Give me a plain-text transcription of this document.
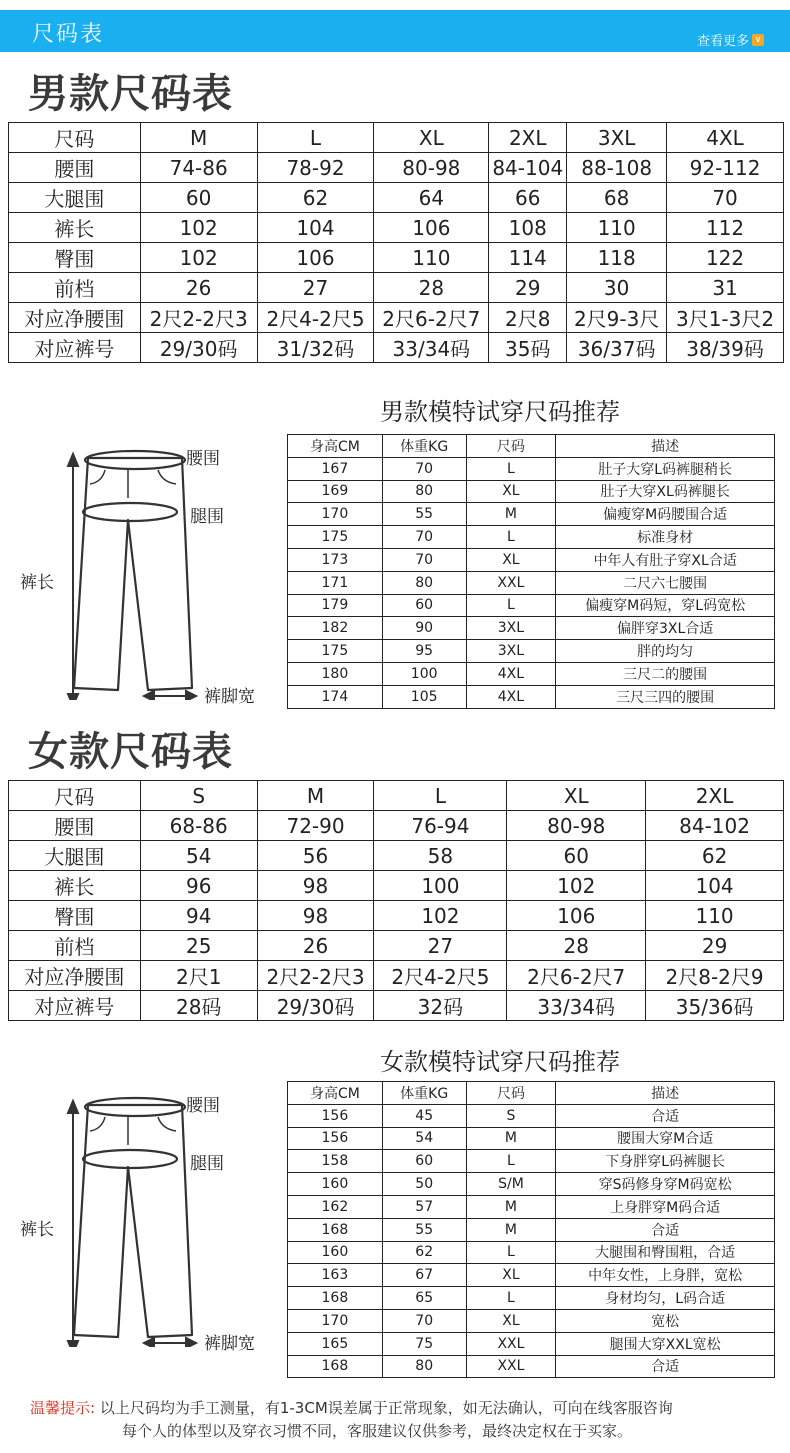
尺码表	查看更多 ∨
男款尺码表
尺码	M	L	XL	2XL	3XL	4XL
腰围	74-86	78-92	80-98	84-104	88-108	92-112
大腿围	60	62	64	66	68	70
裤长	102	104	106	108	110	112
臀围	102	106	110	114	118	122
前档	26	27	28	29	30	31
对应净腰围	2尺2-2尺3	2尺4-2尺5	2尺6-2尺7	2尺8	2尺9-3尺	3尺1-3尺2
对应裤号	29/30码	31/32码	33/34码	35码	36/37码	38/39码
男款模特试穿尺码推荐
身高CM	体重KG	尺码	描述
167	70	L	肚子大穿L码裤腿稍长
169	80	XL	肚子大穿XL码裤腿长
170	55	M	偏瘦穿M码腰围合适
175	70	L	标准身材
173	70	XL	中年人有肚子穿XL合适
171	80	XXL	二尺六七腰围
179	60	L	偏瘦穿M码短，穿L码宽松
182	90	3XL	偏胖穿3XL合适
175	95	3XL	胖的均匀
180	100	4XL	三尺二的腰围
174	105	4XL	三尺三四的腰围
腰围
腿围
裤长
裤脚宽
女款尺码表
尺码	S	M	L	XL	2XL
腰围	68-86	72-90	76-94	80-98	84-102
大腿围	54	56	58	60	62
裤长	96	98	100	102	104
臀围	94	98	102	106	110
前档	25	26	27	28	29
对应净腰围	2尺1	2尺2-2尺3	2尺4-2尺5	2尺6-2尺7	2尺8-2尺9
对应裤号	28码	29/30码	32码	33/34码	35/36码
女款模特试穿尺码推荐
身高CM	体重KG	尺码	描述
156	45	S	合适
156	54	M	腰围大穿M合适
158	60	L	下身胖穿L码裤腿长
160	50	S/M	穿S码修身穿M码宽松
162	57	M	上身胖穿M码合适
168	55	M	合适
160	62	L	大腿围和臀围粗，合适
163	67	XL	中年女性，上身胖，宽松
168	65	L	身材均匀，L码合适
170	70	XL	宽松
165	75	XXL	腿围大穿XXL宽松
168	80	XXL	合适
腰围
腿围
裤长
裤脚宽
温馨提示: 以上尺码均为手工测量，有1-3CM误差属于正常现象，如无法确认，可向在线客服咨询
每个人的体型以及穿衣习惯不同，客服建议仅供参考，最终决定权在于买家。
